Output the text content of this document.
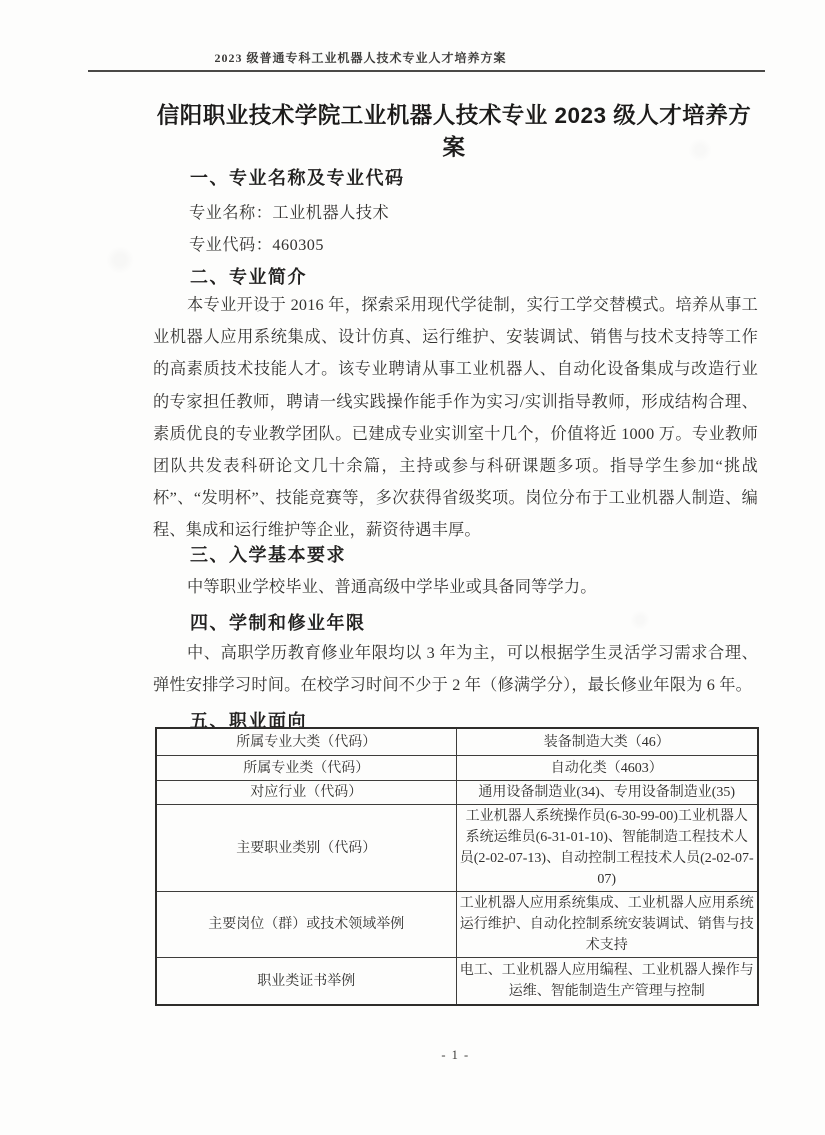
2023 级普通专科工业机器人技术专业人才培养方案
信阳职业技术学院工业机器人技术专业 2023 级人才培养方案
一、专业名称及专业代码
专业名称：工业机器人技术
专业代码：460305
二、专业简介
本专业开设于 2016 年，探索采用现代学徒制，实行工学交替模式。培养从事工业机器人应用系统集成、设计仿真、运行维护、安装调试、销售与技术支持等工作的高素质技术技能人才。该专业聘请从事工业机器人、自动化设备集成与改造行业的专家担任教师，聘请一线实践操作能手作为实习/实训指导教师，形成结构合理、素质优良的专业教学团队。已建成专业实训室十几个，价值将近 1000 万。专业教师团队共发表科研论文几十余篇，主持或参与科研课题多项。指导学生参加“挑战杯”、“发明杯”、技能竞赛等，多次获得省级奖项。岗位分布于工业机器人制造、编程、集成和运行维护等企业，薪资待遇丰厚。
三、入学基本要求
中等职业学校毕业、普通高级中学毕业或具备同等学力。
四、学制和修业年限
中、高职学历教育修业年限均以 3 年为主，可以根据学生灵活学习需求合理、弹性安排学习时间。在校学习时间不少于 2 年（修满学分），最长修业年限为 6 年。
五、职业面向
所属专业大类（代码）	装备制造大类（46）
所属专业类（代码）	自动化类（4603）
对应行业（代码）	通用设备制造业(34)、专用设备制造业(35)
主要职业类别（代码）	工业机器人系统操作员(6-30-99-00)工业机器人系统运维员(6-31-01-10)、智能制造工程技术人员(2-02-07-13)、自动控制工程技术人员(2-02-07-07)
主要岗位（群）或技术领域举例	工业机器人应用系统集成、工业机器人应用系统运行维护、自动化控制系统安装调试、销售与技术支持
职业类证书举例	电工、工业机器人应用编程、工业机器人操作与运维、智能制造生产管理与控制
- 1 -
